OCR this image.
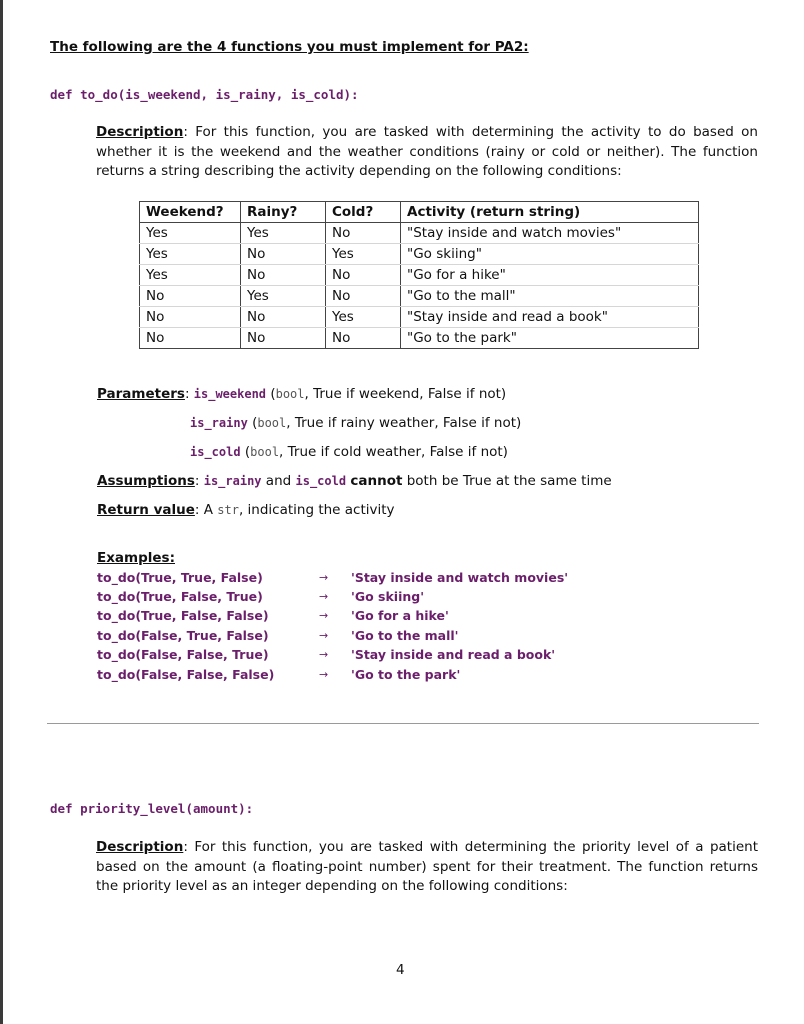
The following are the 4 functions you must implement for PA2:
def to_do(is_weekend, is_rainy, is_cold):
Description: For this function, you are tasked with determining the activity to do based on whether it is the weekend and the weather conditions (rainy or cold or neither). The function returns a string describing the activity depending on the following conditions:
Weekend?	Rainy?	Cold?	Activity (return string)
Yes	Yes	No	"Stay inside and watch movies"
Yes	No	Yes	"Go skiing"
Yes	No	No	"Go for a hike"
No	Yes	No	"Go to the mall"
No	No	Yes	"Stay inside and read a book"
No	No	No	"Go to the park"
Parameters: is_weekend (bool, True if weekend, False if not)
is_rainy (bool, True if rainy weather, False if not)
is_cold (bool, True if cold weather, False if not)
Assumptions: is_rainy and is_cold cannot both be True at the same time
Return value: A str, indicating the activity
Examples:
to_do(True, True, False)	→ 'Stay inside and watch movies'
to_do(True, False, True)	→ 'Go skiing'
to_do(True, False, False)	→ 'Go for a hike'
to_do(False, True, False)	→ 'Go to the mall'
to_do(False, False, True)	→ 'Stay inside and read a book'
to_do(False, False, False)	→ 'Go to the park'
def priority_level(amount):
Description: For this function, you are tasked with determining the priority level of a patient based on the amount (a floating-point number) spent for their treatment. The function returns the priority level as an integer depending on the following conditions:
4
